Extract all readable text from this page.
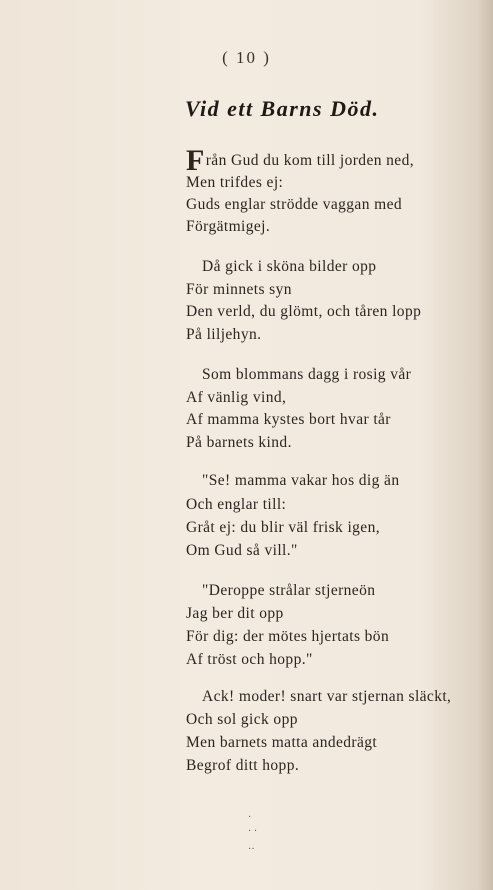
( 10 )
Vid ett Barns Död.
Från Gud du kom till jorden ned,
Men trifdes ej:
Guds englar strödde vaggan med
Förgätmigej.
Då gick i sköna bilder opp
För minnets syn
Den verld, du glömt, och tåren lopp
På liljehyn.
Som blommans dagg i rosig vår
Af vänlig vind,
Af mamma kystes bort hvar tår
På barnets kind.
"Se! mamma vakar hos dig än
Och englar till:
Gråt ej: du blir väl frisk igen,
Om Gud så vill."
"Deroppe strålar stjerneön
Jag ber dit opp
För dig: der mötes hjertats bön
Af tröst och hopp."
Ack! moder! snart var stjernan släckt,
Och sol gick opp
Men barnets matta andedrägt
Begrof ditt hopp.
·
· ·
··
